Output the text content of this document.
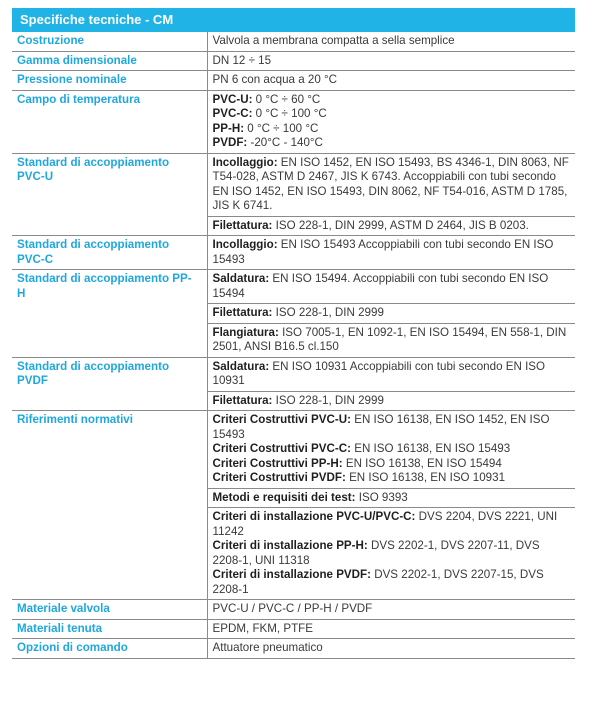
Specifiche tecniche - CM
Costruzione	Valvola a membrana compatta a sella semplice

Gamma dimensionale	DN 12 ÷ 15

Pressione nominale	PN 6 con acqua a 20 °C

Campo di temperatura	PVC-U: 0 °C ÷ 60 °C
PVC-C: 0 °C ÷ 100 °C
PP-H: 0 °C ÷ 100 °C
PVDF: -20°C - 140°C

Standard di accoppiamento PVC-U	Incollaggio: EN ISO 1452, EN ISO 15493, BS 4346-1, DIN 8063, NF T54-028, ASTM D 2467, JIS K 6743. Accoppiabili con tubi secondo EN ISO 1452, EN ISO 15493, DIN 8062, NF T54-016, ASTM D 1785, JIS K 6741.

	Filettatura: ISO 228-1, DIN 2999, ASTM D 2464, JIS B 0203.

Standard di accoppiamento PVC-C	Incollaggio: EN ISO 15493 Accoppiabili con tubi secondo EN ISO 15493

Standard di accoppiamento PP-H	Saldatura: EN ISO 15494. Accoppiabili con tubi secondo EN ISO 15494

	Filettatura: ISO 228-1, DIN 2999

	Flangiatura: ISO 7005-1, EN 1092-1, EN ISO 15494, EN 558-1, DIN 2501, ANSI B16.5 cl.150

Standard di accoppiamento PVDF	Saldatura: EN ISO 10931 Accoppiabili con tubi secondo EN ISO 10931

	Filettatura: ISO 228-1, DIN 2999

Riferimenti normativi	Criteri Costruttivi PVC-U: EN ISO 16138, EN ISO 1452, EN ISO 15493
Criteri Costruttivi PVC-C: EN ISO 16138, EN ISO 15493
Criteri Costruttivi PP-H: EN ISO 16138, EN ISO 15494
Criteri Costruttivi PVDF: EN ISO 16138, EN ISO 10931

	Metodi e requisiti dei test: ISO 9393

	Criteri di installazione PVC-U/PVC-C: DVS 2204, DVS 2221, UNI 11242
Criteri di installazione PP-H: DVS 2202-1, DVS 2207-11, DVS 2208-1, UNI 11318
Criteri di installazione PVDF: DVS 2202-1, DVS 2207-15, DVS 2208-1

Materiale valvola	PVC-U / PVC-C / PP-H / PVDF

Materiali tenuta	EPDM, FKM, PTFE

Opzioni di comando	Attuatore pneumatico
